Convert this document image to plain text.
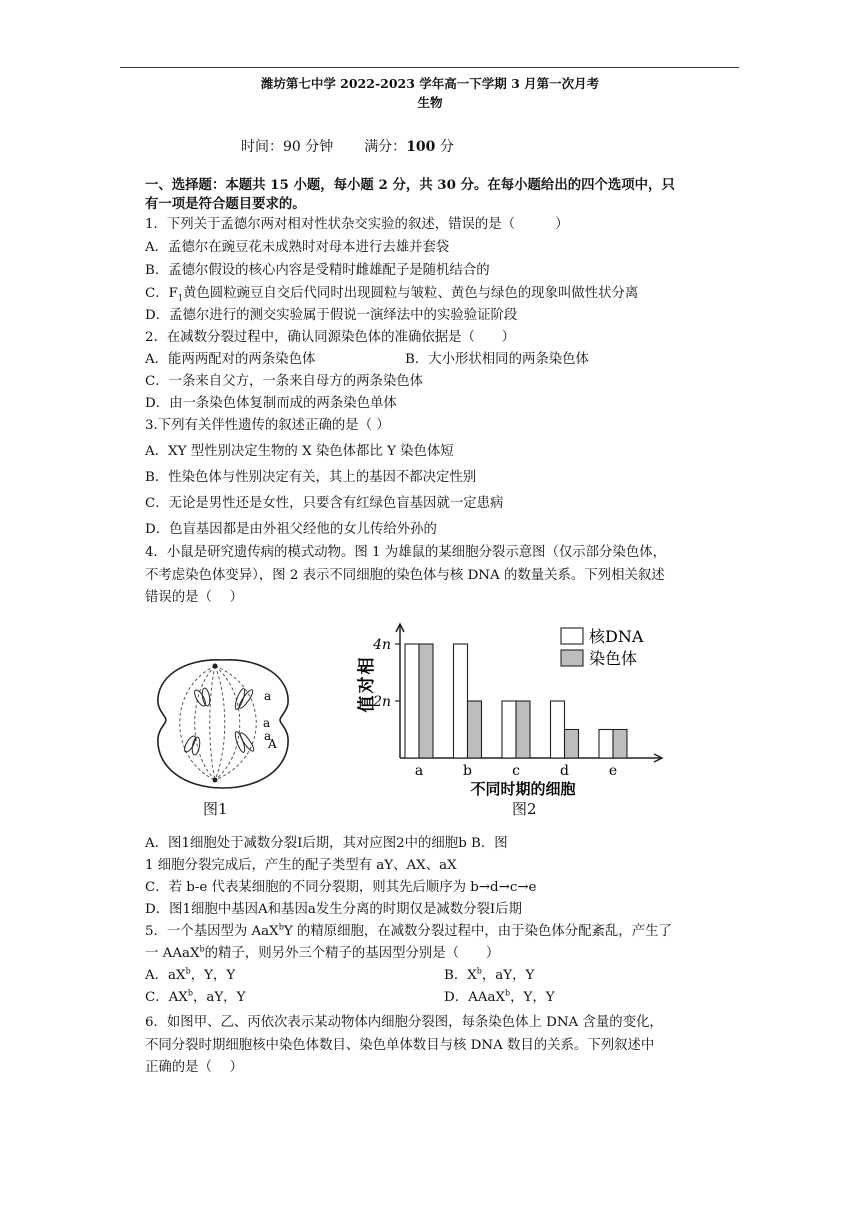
潍坊第七中学 2022-2023 学年高一下学期 3 月第一次月考
生物
时间：90 分钟 满分：100 分
一、选择题：本题共 15 小题，每小题 2 分，共 30 分。在每小题给出的四个选项中，只
有一项是符合题目要求的。
1．下列关于孟德尔两对相对性状杂交实验的叙述，错误的是（　　　）
A．孟德尔在豌豆花未成熟时对母本进行去雄并套袋
B．孟德尔假设的核心内容是受精时雌雄配子是随机结合的
C．$F_1$黄色圆粒豌豆自交后代同时出现圆粒与皱粒、黄色与绿色的现象叫做性状分离
D．孟德尔进行的测交实验属于假说一演绎法中的实验验证阶段
2．在减数分裂过程中，确认同源染色体的准确依据是（　　）
A．能两两配对的两条染色体	B．大小形状相同的两条染色体
C．一条来自父方，一条来自母方的两条染色体
D．由一条染色体复制而成的两条染色单体
3.下列有关伴性遗传的叙述正确的是（ ）
A．XY 型性别决定生物的 X 染色体都比 Y 染色体短
B．性染色体与性别决定有关，其上的基因不都决定性别
C．无论是男性还是女性，只要含有红绿色盲基因就一定患病
D．色盲基因都是由外祖父经他的女儿传给外孙的
4．小鼠是研究遗传病的模式动物。图 1 为雄鼠的某细胞分裂示意图（仅示部分染色体，
不考虑染色体变异），图 2 表示不同细胞的染色体与核 DNA 的数量关系。下列相关叙述
错误的是（　 ）
a
a
a
A
图1
4n
2n
相
对
值
a	b	c	d	e
不同时期的细胞
核DNA
染色体
图2
A．图1细胞处于减数分裂Ⅰ后期，其对应图2中的细胞b B．图
1 细胞分裂完成后，产生的配子类型有 aY、AX、aX
C．若 b-e 代表某细胞的不同分裂期，则其先后顺序为 b→d→c→e
D．图1细胞中基因A和基因a发生分离的时期仅是减数分裂Ⅰ后期
5．一个基因型为 AaX$^b$Y 的精原细胞，在减数分裂过程中，由于染色体分配紊乱，产生了
一 AAaX$^b$的精子，则另外三个精子的基因型分别是（　　）
A．$aX^b$，Y，Y	B．$X^b$，aY，Y
C．$AX^b$，aY，Y	D．AAaX$^b$，Y，Y
6．如图甲、乙、丙依次表示某动物体内细胞分裂图，每条染色体上 DNA 含量的变化，
不同分裂时期细胞核中染色体数目、染色单体数目与核 DNA 数目的关系。下列叙述中
正确的是（　 ）
